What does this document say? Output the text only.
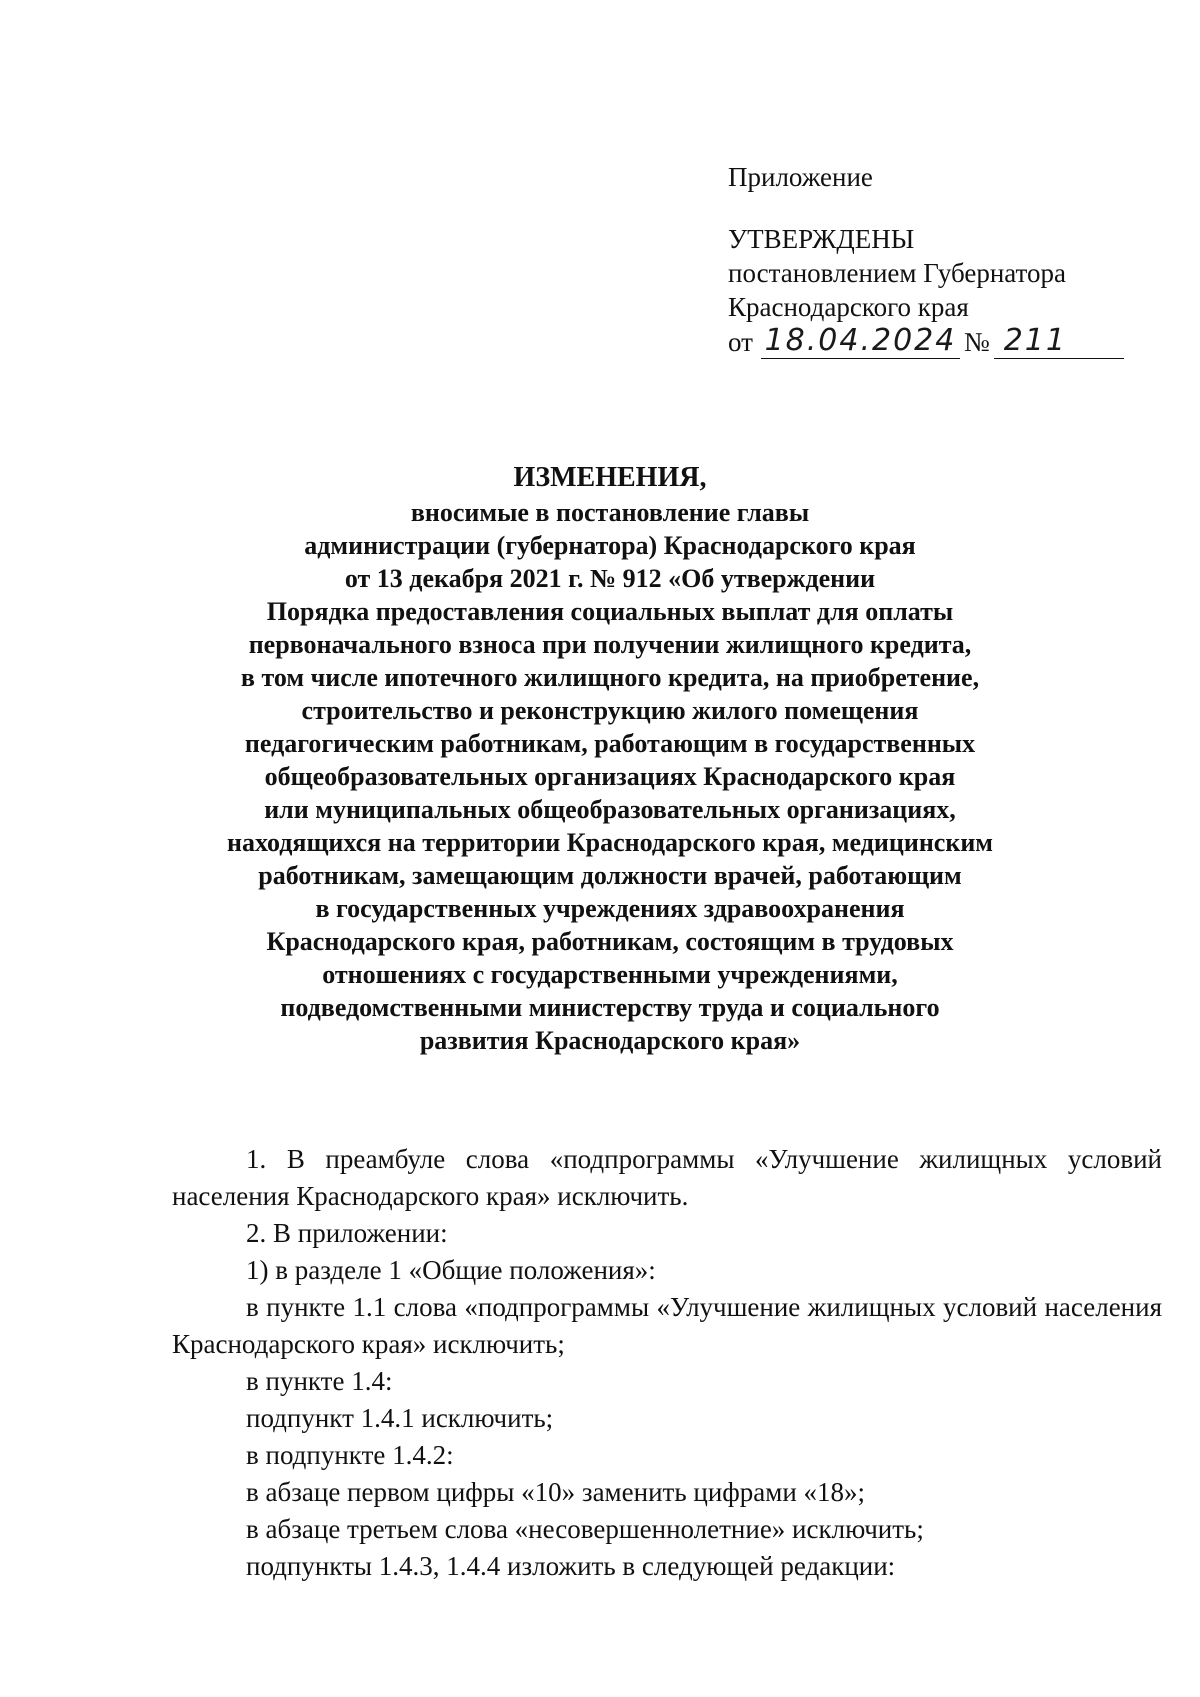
Приложение
УТВЕРЖДЕНЫ
постановлением Губернатора
Краснодарского края
от 18.04.2024 № 211
ИЗМЕНЕНИЯ,
вносимые в постановление главы
администрации (губернатора) Краснодарского края
от 13 декабря 2021 г. № 912 «Об утверждении
Порядка предоставления социальных выплат для оплаты
первоначального взноса при получении жилищного кредита,
в том числе ипотечного жилищного кредита, на приобретение,
строительство и реконструкцию жилого помещения
педагогическим работникам, работающим в государственных
общеобразовательных организациях Краснодарского края
или муниципальных общеобразовательных организациях,
находящихся на территории Краснодарского края, медицинским
работникам, замещающим должности врачей, работающим
в государственных учреждениях здравоохранения
Краснодарского края, работникам, состоящим в трудовых
отношениях с государственными учреждениями,
подведомственными министерству труда и социального
развития Краснодарского края»

1. В преамбуле слова «подпрограммы «Улучшение жилищных условий населения Краснодарского края» исключить.

2. В приложении:

1) в разделе 1 «Общие положения»:

в пункте 1.1 слова «подпрограммы «Улучшение жилищных условий населения Краснодарского края» исключить;

в пункте 1.4:

подпункт 1.4.1 исключить;

в подпункте 1.4.2:

в абзаце первом цифры «10» заменить цифрами «18»;

в абзаце третьем слова «несовершеннолетние» исключить;

подпункты 1.4.3, 1.4.4 изложить в следующей редакции:
